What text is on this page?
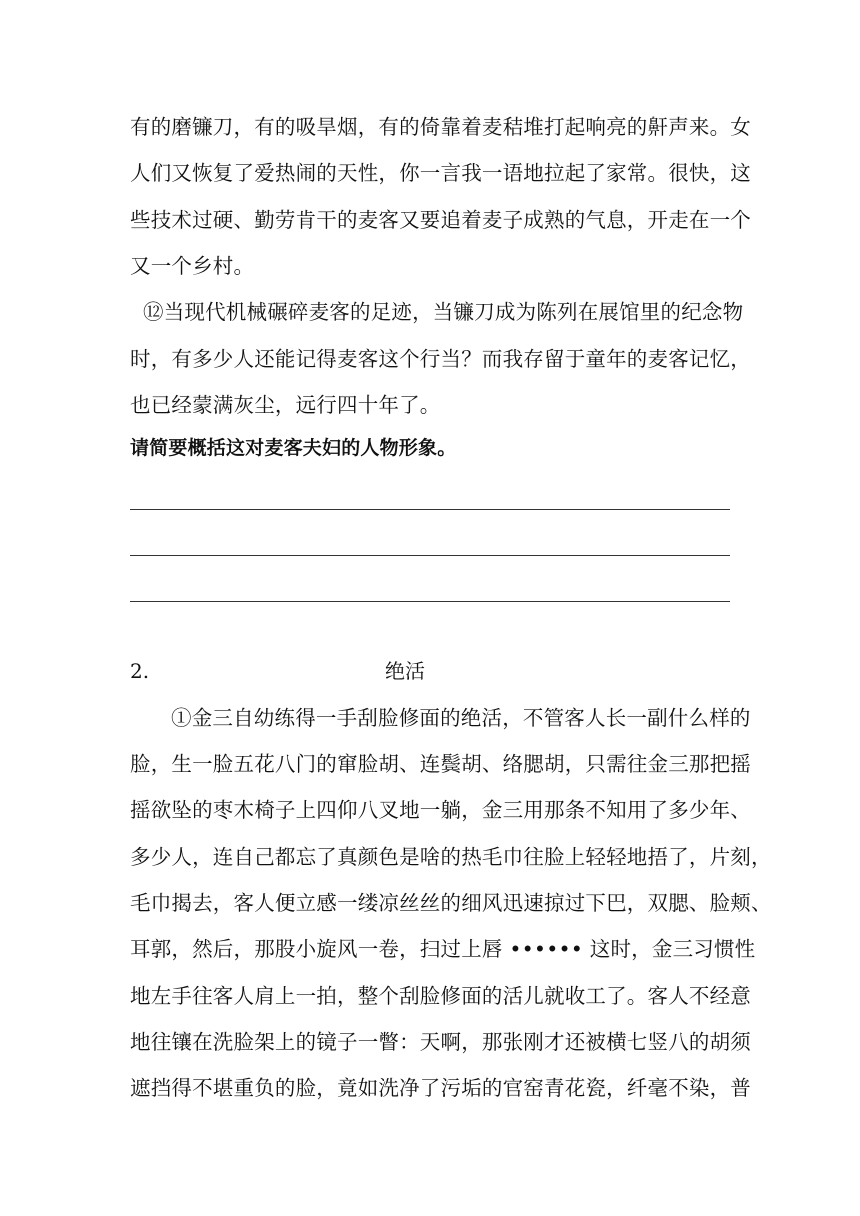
有的磨镰刀，有的吸旱烟，有的倚靠着麦秸堆打起响亮的鼾声来。女
人们又恢复了爱热闹的天性，你一言我一语地拉起了家常。很快，这
些技术过硬、勤劳肯干的麦客又要追着麦子成熟的气息，开走在一个
又一个乡村。
⑫当现代机械碾碎麦客的足迹，当镰刀成为陈列在展馆里的纪念物
时，有多少人还能记得麦客这个行当？而我存留于童年的麦客记忆，
也已经蒙满灰尘，远行四十年了。
请简要概括这对麦客夫妇的人物形象。
2.	绝活
①金三自幼练得一手刮脸修面的绝活，不管客人长一副什么样的
脸，生一脸五花八门的窜脸胡、连鬓胡、络腮胡，只需往金三那把摇
摇欲坠的枣木椅子上四仰八叉地一躺，金三用那条不知用了多少年、
多少人，连自己都忘了真颜色是啥的热毛巾往脸上轻轻地捂了，片刻，
毛巾揭去，客人便立感一缕凉丝丝的细风迅速掠过下巴，双腮、脸颊、
耳郭，然后，那股小旋风一卷，扫过上唇 •••••• 这时，金三习惯性
地左手往客人肩上一拍，整个刮脸修面的活儿就收工了。客人不经意
地往镶在洗脸架上的镜子一瞥：天啊，那张刚才还被横七竖八的胡须
遮挡得不堪重负的脸，竟如洗净了污垢的官窑青花瓷，纤毫不染，普
